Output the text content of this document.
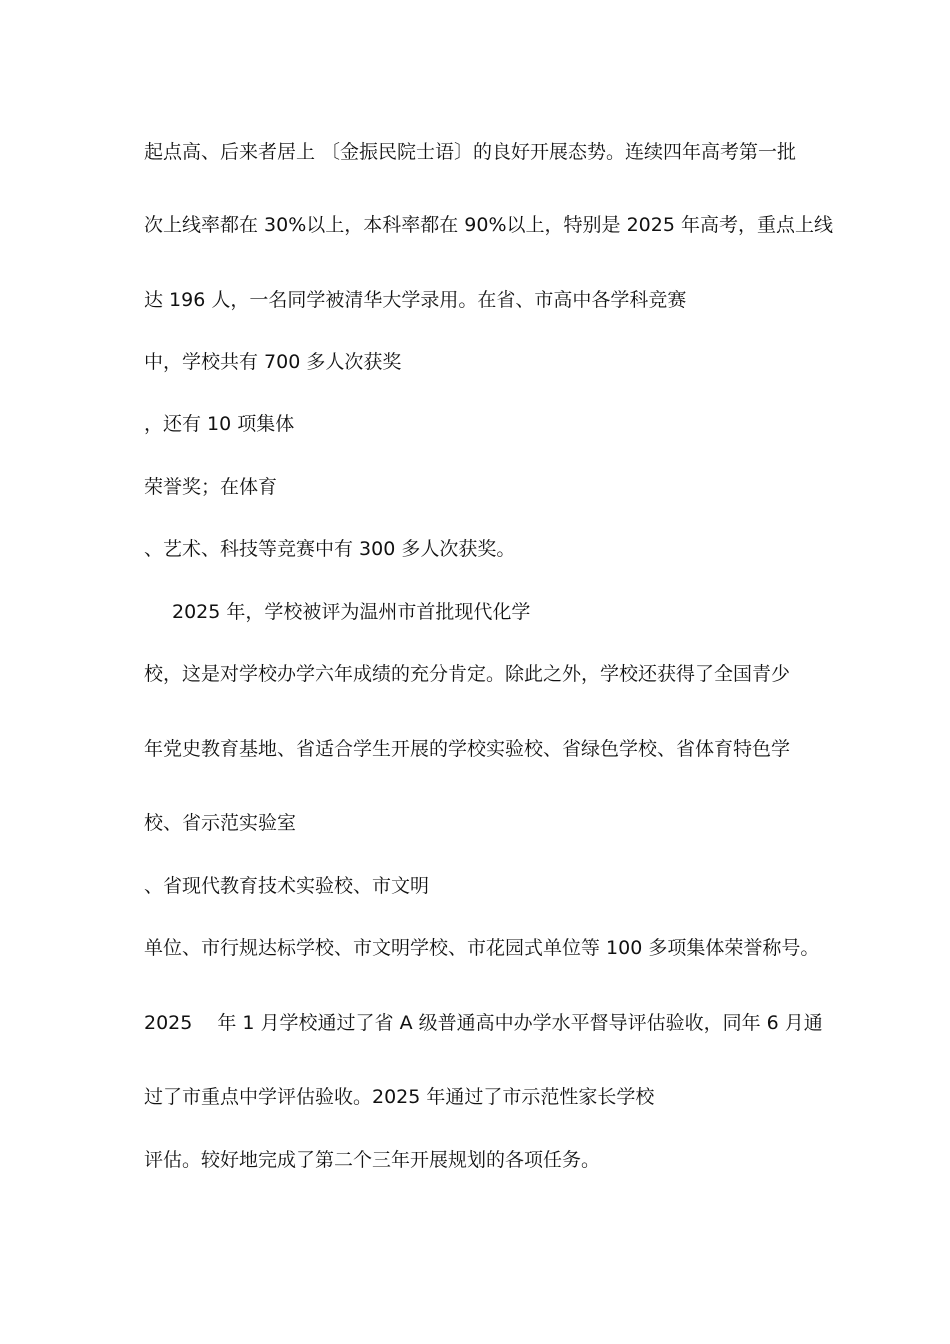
起点高、后来者居上 〔金振民院士语〕的良好开展态势。连续四年高考第一批
次上线率都在 30%以上，本科率都在 90%以上，特别是 2025 年高考，重点上线
达 196 人，一名同学被清华大学录用。在省、市高中各学科竞赛
中，学校共有 700 多人次获奖
，还有 10 项集体
荣誉奖；在体育
、艺术、科技等竞赛中有 300 多人次获奖。
2025 年，学校被评为温州市首批现代化学
校，这是对学校办学六年成绩的充分肯定。除此之外，学校还获得了全国青少
年党史教育基地、省适合学生开展的学校实验校、省绿色学校、省体育特色学
校、省示范实验室
、省现代教育技术实验校、市文明
单位、市行规达标学校、市文明学校、市花园式单位等 100 多项集体荣誉称号。
2025　 年 1 月学校通过了省 A 级普通高中办学水平督导评估验收，同年 6 月通
过了市重点中学评估验收。2025 年通过了市示范性家长学校
评估。较好地完成了第二个三年开展规划的各项任务。
